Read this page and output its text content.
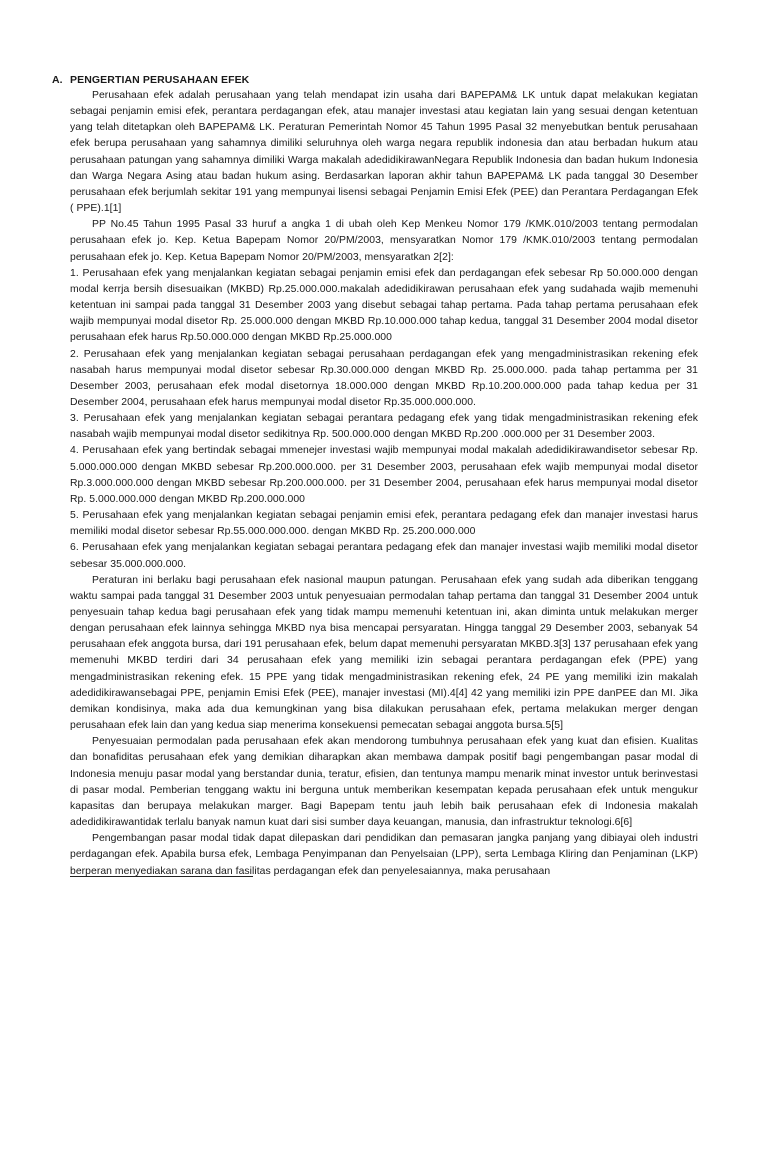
A. PENGERTIAN PERUSAHAAN EFEK

Perusahaan efek adalah perusahaan yang telah mendapat izin usaha dari BAPEPAM& LK untuk dapat melakukan kegiatan sebagai penjamin emisi efek, perantara perdagangan efek, atau manajer investasi atau kegiatan lain yang sesuai dengan ketentuan yang telah ditetapkan oleh BAPEPAM& LK. Peraturan Pemerintah Nomor 45 Tahun 1995 Pasal 32 menyebutkan bentuk perusahaan efek berupa perusahaan yang sahamnya dimiliki seluruhnya oleh warga negara republik indonesia dan atau berbadan hukum atau perusahaan patungan yang sahamnya dimiliki Warga makalah adedidikirawanNegara Republik Indonesia dan badan hukum Indonesia dan Warga Negara Asing atau badan hukum asing. Berdasarkan laporan akhir tahun BAPEPAM& LK pada tanggal 30 Desember perusahaan efek berjumlah sekitar 191 yang mempunyai lisensi sebagai Penjamin Emisi Efek (PEE) dan Perantara Perdagangan Efek ( PPE).1[1]

PP No.45 Tahun 1995 Pasal 33 huruf a angka 1 di ubah oleh Kep Menkeu Nomor 179 /KMK.010/2003 tentang permodalan perusahaan efek jo. Kep. Ketua Bapepam Nomor 20/PM/2003, mensyaratkan Nomor 179 /KMK.010/2003 tentang permodalan perusahaan efek jo. Kep. Ketua Bapepam Nomor 20/PM/2003, mensyaratkan 2[2]:

1. Perusahaan efek yang menjalankan kegiatan sebagai penjamin emisi efek dan perdagangan efek sebesar Rp 50.000.000 dengan modal kerrja bersih disesuaikan (MKBD) Rp.25.000.000.makalah adedidikirawan perusahaan efek yang sudahada wajib memenuhi ketentuan ini sampai pada tanggal 31 Desember 2003 yang disebut sebagai tahap pertama. Pada tahap pertama perusahaan efek wajib mempunyai modal disetor Rp. 25.000.000 dengan MKBD Rp.10.000.000 tahap kedua, tanggal 31 Desember 2004 modal disetor perusahaan efek harus Rp.50.000.000 dengan MKBD Rp.25.000.000

2. Perusahaan efek yang menjalankan kegiatan sebagai perusahaan perdagangan efek yang mengadministrasikan rekening efek nasabah harus mempunyai modal disetor sebesar Rp.30.000.000 dengan MKBD Rp. 25.000.000. pada tahap pertamma per 31 Desember 2003, perusahaan efek modal disetornya 18.000.000 dengan MKBD Rp.10.200.000.000 pada tahap kedua per 31 Desember 2004, perusahaan efek harus mempunyai modal disetor Rp.35.000.000.000.

3. Perusahaan efek yang menjalankan kegiatan sebagai perantara pedagang efek yang tidak mengadministrasikan rekening efek nasabah wajib mempunyai modal disetor sedikitnya Rp. 500.000.000 dengan MKBD Rp.200 .000.000 per 31 Desember 2003.

4. Perusahaan efek yang bertindak sebagai mmenejer investasi wajib mempunyai modal makalah adedidikirawandisetor sebesar Rp. 5.000.000.000 dengan MKBD sebesar Rp.200.000.000. per 31 Desember 2003, perusahaan efek wajib mempunyai modal disetor Rp.3.000.000.000 dengan MKBD sebesar Rp.200.000.000. per 31 Desember 2004, perusahaan efek harus mempunyai modal disetor Rp. 5.000.000.000 dengan MKBD Rp.200.000.000

5. Perusahaan efek yang menjalankan kegiatan sebagai penjamin emisi efek, perantara pedagang efek dan manajer investasi harus memiliki modal disetor sebesar Rp.55.000.000.000. dengan MKBD Rp. 25.200.000.000

6. Perusahaan efek yang menjalankan kegiatan sebagai perantara pedagang efek dan manajer investasi wajib memiliki modal disetor sebesar 35.000.000.000.

Peraturan ini berlaku bagi perusahaan efek nasional maupun patungan. Perusahaan efek yang sudah ada diberikan tenggang waktu sampai pada tanggal 31 Desember 2003 untuk penyesuaian permodalan tahap pertama dan tanggal 31 Desember 2004 untuk penyesuain tahap kedua bagi perusahaan efek yang tidak mampu memenuhi ketentuan ini, akan diminta untuk melakukan merger dengan perusahaan efek lainnya sehingga MKBD nya bisa mencapai persyaratan. Hingga tanggal 29 Desember 2003, sebanyak 54 perusahaan efek anggota bursa, dari 191 perusahaan efek, belum dapat memenuhi persyaratan MKBD.3[3] 137 perusahaan efek yang memenuhi MKBD terdiri dari 34 perusahaan efek yang memiliki izin sebagai perantara perdagangan efek (PPE) yang mengadministrasikan rekening efek. 15 PPE yang tidak mengadministrasikan rekening efek, 24 PE yang memiliki izin makalah adedidikirawansebagai PPE, penjamin Emisi Efek (PEE), manajer investasi (MI).4[4] 42 yang memiliki izin PPE danPEE dan MI. Jika demikan kondisinya, maka ada dua kemungkinan yang bisa dilakukan perusahaan efek, pertama melakukan merger dengan perusahaan efek lain dan yang kedua siap menerima konsekuensi pemecatan sebagai anggota bursa.5[5]

Penyesuaian permodalan pada perusahaan efek akan mendorong tumbuhnya perusahaan efek yang kuat dan efisien. Kualitas dan bonafiditas perusahaan efek yang demikian diharapkan akan membawa dampak positif bagi pengembangan pasar modal di Indonesia menuju pasar modal yang berstandar dunia, teratur, efisien, dan tentunya mampu menarik minat investor untuk berinvestasi di pasar modal. Pemberian tenggang waktu ini berguna untuk memberikan kesempatan kepada perusahaan efek untuk mengukur kapasitas dan berupaya melakukan marger. Bagi Bapepam tentu jauh lebih baik perusahaan efek di Indonesia makalah adedidikirawantidak terlalu banyak namun kuat dari sisi sumber daya keuangan, manusia, dan infrastruktur teknologi.6[6]

Pengembangan pasar modal tidak dapat dilepaskan dari pendidikan dan pemasaran jangka panjang yang dibiayai oleh industri perdagangan efek. Apabila bursa efek, Lembaga Penyimpanan dan Penyelsaian (LPP), serta Lembaga Kliring dan Penjaminan (LKP) berperan menyediakan sarana dan fasilitas perdagangan efek dan penyelesaiannya, maka perusahaan
